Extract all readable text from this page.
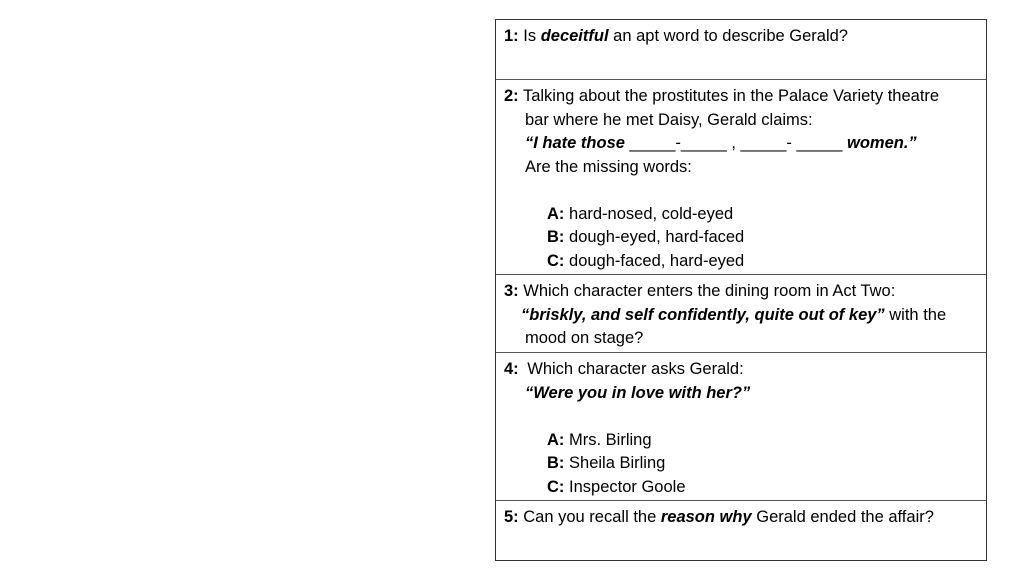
1: Is deceitful an apt word to describe Gerald?
2: Talking about the prostitutes in the Palace Variety theatre
bar where he met Daisy, Gerald claims:
“I hate those _____-_____ , _____- _____ women.”
Are the missing words:
A: hard-nosed, cold-eyed
B: dough-eyed, hard-faced
C: dough-faced, hard-eyed
3: Which character enters the dining room in Act Two:
“briskly, and self confidently, quite out of key” with the
mood on stage?
4: Which character asks Gerald:
“Were you in love with her?”
A: Mrs. Birling
B: Sheila Birling
C: Inspector Goole
5: Can you recall the reason why Gerald ended the affair?
